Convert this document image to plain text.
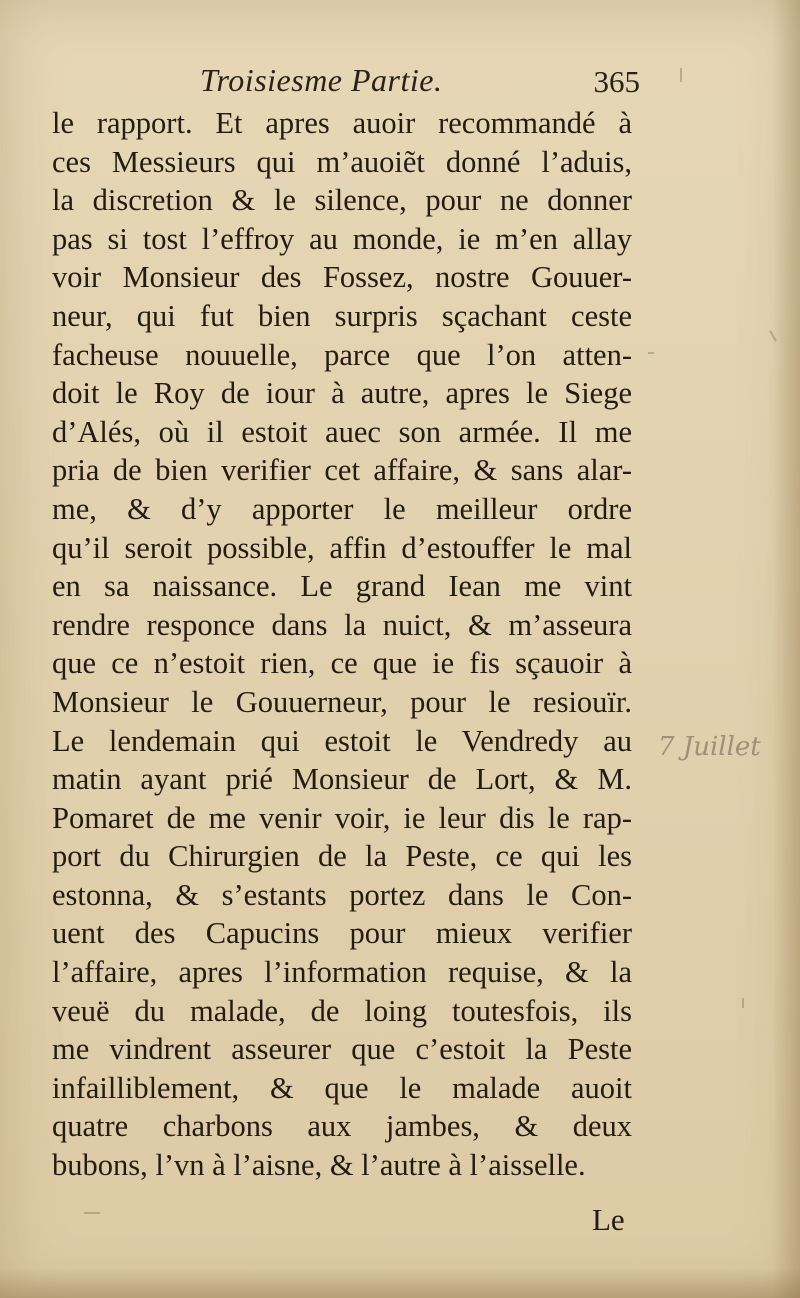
Troisiesme Partie.	365
le rapport. Et apres auoir recommandé à
ces Messieurs qui m’auoiẽt donné l’aduis,
la discretion & le silence, pour ne donner
pas si tost l’effroy au monde, ie m’en allay
voir Monsieur des Fossez, nostre Gouuer-
neur, qui fut bien surpris sçachant ceste
facheuse nouuelle, parce que l’on atten-
doit le Roy de iour à autre, apres le Siege
d’Alés, où il estoit auec son armée. Il me
pria de bien verifier cet affaire, & sans alar-
me, & d’y apporter le meilleur ordre
qu’il seroit possible, affin d’estouffer le mal
en sa naissance. Le grand Iean me vint
rendre responce dans la nuict, & m’asseura
que ce n’estoit rien, ce que ie fis sçauoir à
Monsieur le Gouuerneur, pour le resiouïr.
Le lendemain qui estoit le Vendredy au
matin ayant prié Monsieur de Lort, & M.
Pomaret de me venir voir, ie leur dis le rap-
port du Chirurgien de la Peste, ce qui les
estonna, & s’estants portez dans le Con-
uent des Capucins pour mieux verifier
l’affaire, apres l’information requise, & la
veuë du malade, de loing toutesfois, ils
me vindrent asseurer que c’estoit la Peste
infailliblement, & que le malade auoit
quatre charbons aux jambes, & deux
bubons, l’vn à l’aisne, & l’autre à l’aisselle.
Le
7 Juillet
